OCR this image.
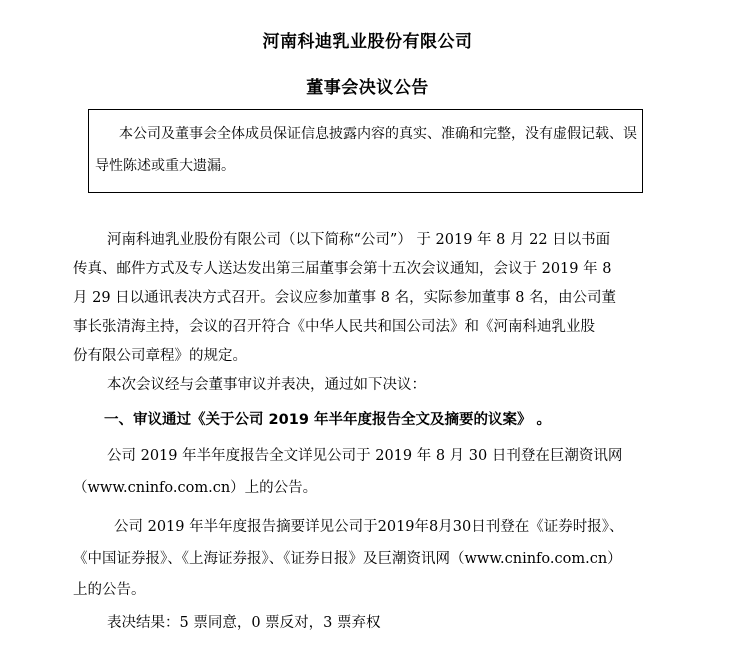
河南科迪乳业股份有限公司
董事会决议公告
本公司及董事会全体成员保证信息披露内容的真实、准确和完整，没有虚假记载、误
导性陈述或重大遗漏。
河南科迪乳业股份有限公司（以下简称“公司”） 于 2019 年 8 月 22 日以书面
传真、邮件方式及专人送达发出第三届董事会第十五次会议通知，会议于 2019 年 8
月 29 日以通讯表决方式召开。会议应参加董事 8 名，实际参加董事 8 名，由公司董
事长张清海主持，会议的召开符合《中华人民共和国公司法》和《河南科迪乳业股
份有限公司章程》的规定。
本次会议经与会董事审议并表决，通过如下决议：
一、审议通过《关于公司 2019 年半年度报告全文及摘要的议案》 。
公司 2019 年半年度报告全文详见公司于 2019 年 8 月 30 日刊登在巨潮资讯网
（www.cninfo.com.cn）上的公告。
公司 2019 年半年度报告摘要详见公司于2019年8月30日刊登在《证券时报》、
《中国证券报》、《上海证券报》、《证券日报》及巨潮资讯网（www.cninfo.com.cn）
上的公告。
表决结果：5 票同意，0 票反对，3 票弃权
